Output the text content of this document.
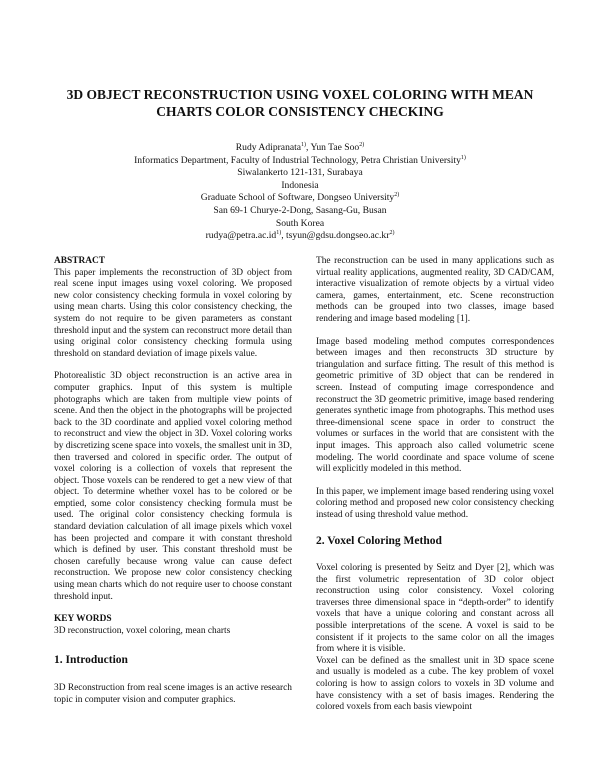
3D OBJECT RECONSTRUCTION USING VOXEL COLORING WITH MEAN
CHARTS COLOR CONSISTENCY CHECKING
Rudy Adipranata$^{1)}$, Yun Tae Soo$^{2)}$
Informatics Department, Faculty of Industrial Technology, Petra Christian University$^{1)}$
Siwalankerto 121-131, Surabaya
Indonesia
Graduate School of Software, Dongseo University$^{2)}$
San 69-1 Churye-2-Dong, Sasang-Gu, Busan
South Korea
$rudya@petra.ac.id^{1)}$, $tsyun@gdsu.dongseo.ac.kr^{2)}$

ABSTRACT

This paper implements the reconstruction of 3D object from real scene input images using voxel coloring. We proposed new color consistency checking formula in voxel coloring by using mean charts. Using this color consistency checking, the system do not require to be given parameters as constant threshold input and the system can reconstruct more detail than using original color consistency checking formula using threshold on standard deviation of image pixels value.

Photorealistic 3D object reconstruction is an active area in computer graphics. Input of this system is multiple photographs which are taken from multiple view points of scene. And then the object in the photographs will be projected back to the 3D coordinate and applied voxel coloring method to reconstruct and view the object in 3D. Voxel coloring works by discretizing scene space into voxels, the smallest unit in 3D, then traversed and colored in specific order. The output of voxel coloring is a collection of voxels that represent the object. Those voxels can be rendered to get a new view of that object. To determine whether voxel has to be colored or be emptied, some color consistency checking formula must be used. The original color consistency checking formula is standard deviation calculation of all image pixels which voxel has been projected and compare it with constant threshold which is defined by user. This constant threshold must be chosen carefully because wrong value can cause defect reconstruction. We propose new color consistency checking using mean charts which do not require user to choose constant threshold input.

KEY WORDS

3D reconstruction, voxel coloring, mean charts

1. Introduction

3D Reconstruction from real scene images is an active research topic in computer vision and computer graphics.

The reconstruction can be used in many applications such as virtual reality applications, augmented reality, 3D CAD/CAM, interactive visualization of remote objects by a virtual video camera, games, entertainment, etc. Scene reconstruction methods can be grouped into two classes, image based rendering and image based modeling [1].

Image based modeling method computes correspondences between images and then reconstructs 3D structure by triangulation and surface fitting. The result of this method is geometric primitive of 3D object that can be rendered in screen. Instead of computing image correspondence and reconstruct the 3D geometric primitive, image based rendering generates synthetic image from photographs. This method uses three-dimensional scene space in order to construct the volumes or surfaces in the world that are consistent with the input images. This approach also called volumetric scene modeling. The world coordinate and space volume of scene will explicitly modeled in this method.

In this paper, we implement image based rendering using voxel coloring method and proposed new color consistency checking instead of using threshold value method.

2. Voxel Coloring Method

Voxel coloring is presented by Seitz and Dyer [2], which was the first volumetric representation of 3D color object reconstruction using color consistency. Voxel coloring traverses three dimensional space in “depth-order” to identify voxels that have a unique coloring and constant across all possible interpretations of the scene. A voxel is said to be consistent if it projects to the same color on all the images from where it is visible.

Voxel can be defined as the smallest unit in 3D space scene and usually is modeled as a cube. The key problem of voxel coloring is how to assign colors to voxels in 3D volume and have consistency with a set of basis images. Rendering the colored voxels from each basis viewpoint
